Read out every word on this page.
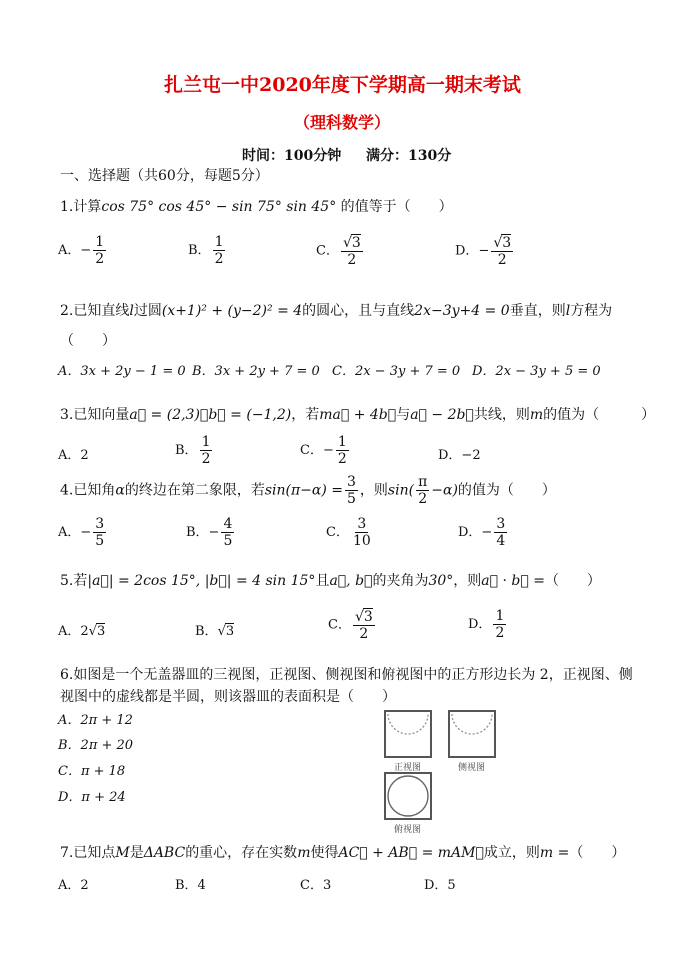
扎兰屯一中2020年度下学期高一期末考试
（理科数学）
时间：100分钟 满分：130分
一、选择题（共60分，每题5分）
1.计算cos 75° cos 45° − sin 75° sin 45° 的值等于（　　）
A．− $\frac{1}{2}$	B． $\frac{1}{2}$	C． $\frac{√3}{2}$	D．− $\frac{√3}{2}$
2.已知直线l过圆(x+1)² + (y−2)² = 4的圆心，且与直线2x−3y+4 = 0垂直，则l方程为
（　　）
A．3x + 2y − 1 = 0 B．3x + 2y + 7 = 0 C．2x − 3y + 7 = 0 D．2x − 3y + 5 = 0
3.已知向量a⃗ = (2,3)，b⃗ = (−1,2)，若ma⃗ + 4b⃗与a⃗ − 2b⃗共线，则m的值为（　　　）
A．2	B． $\frac{1}{2}$	C．− $\frac{1}{2}$	D．−2
4.已知角α的终边在第二象限，若$\sin(\pi-\alpha) = \frac{3}{5}$ ，则$\sin( \frac{\pi}{2} -\alpha)$的值为（　　）
A．− $\frac{3}{5}$	B．− $\frac{4}{5}$	C． $\frac{3}{10}$	D．− $\frac{3}{4}$
5.若|a⃗| = 2cos 15°, |b⃗| = 4 sin 15°且a⃗, b⃗的夹角为30°，则a⃗ · b⃗ =（　　）
A．2√3	B．√3	C． $\frac{√3}{2}$	D． $\frac{1}{2}$
6.如图是一个无盖器皿的三视图，正视图、侧视图和俯视图中的正方形边长为 2，正视图、侧
视图中的虚线都是半圆，则该器皿的表面积是（　　）
A．2π + 12
B．2π + 20
C．π + 18
D．π + 24
正视图	侧视图
俯视图
7.已知点M是ΔABC的重心，存在实数m使得AC⃗ + AB⃗ = mAM⃗成立，则m =（　　）
A．2	B．4	C．3	D．5
